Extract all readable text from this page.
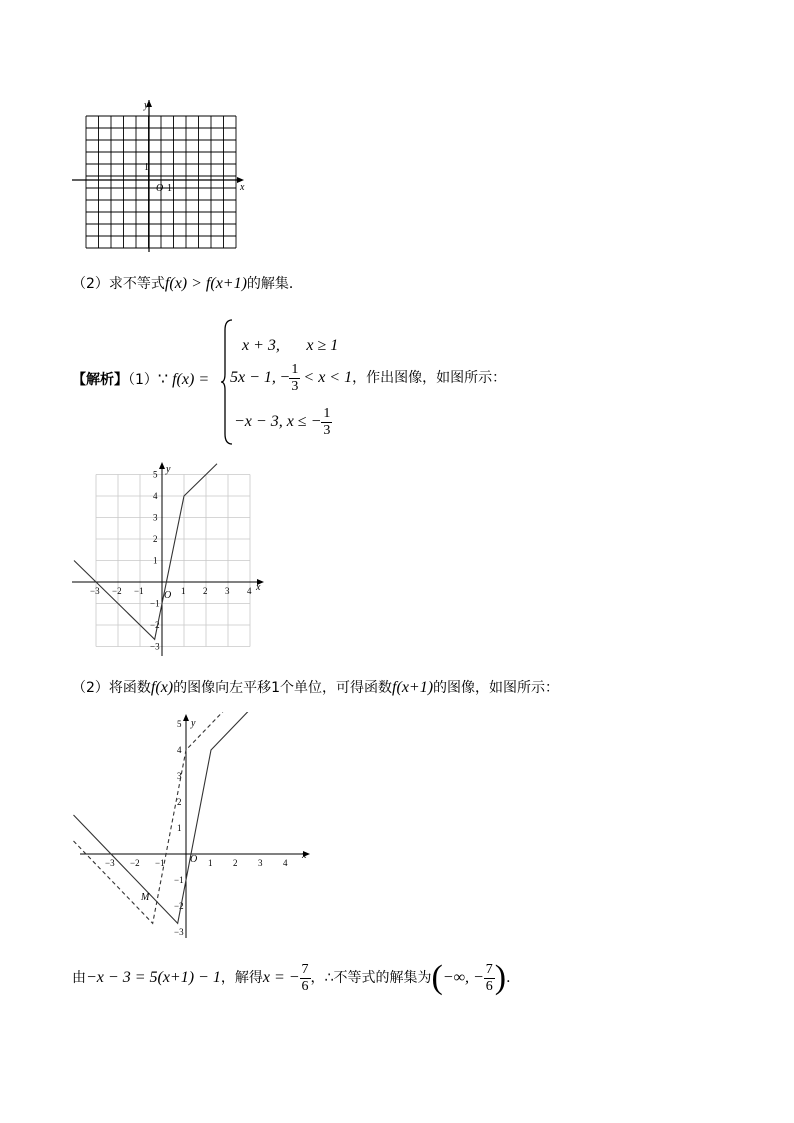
y
x
O 1
1
（2）求不等式f(x) > f(x+1)的解集．
【解析】（1）∵ f(x) =
x + 3, x ≥ 1
5x − 1, − $\frac{1}{3} < x < 1$，作出图像，如图所示：
−x − 3, x ≤ − $\frac{1}{3}$
−3 −2 −1	1 2 3 4
5
4
3
2
1
−1
−2
−3
y
x
O
（2）将函数f(x)的图像向左平移1个单位，可得函数f(x+1)的图像，如图所示：
−3 −2 −1	1 2 3 4
5
4
3
2
1
−1
−2
−3
y
x
O
M
由−x − 3 = 5(x+1) − 1，解得x = − $\frac{7}{6}$ ，∴不等式的解集为(−∞, − $\frac{7}{6}$ )．
